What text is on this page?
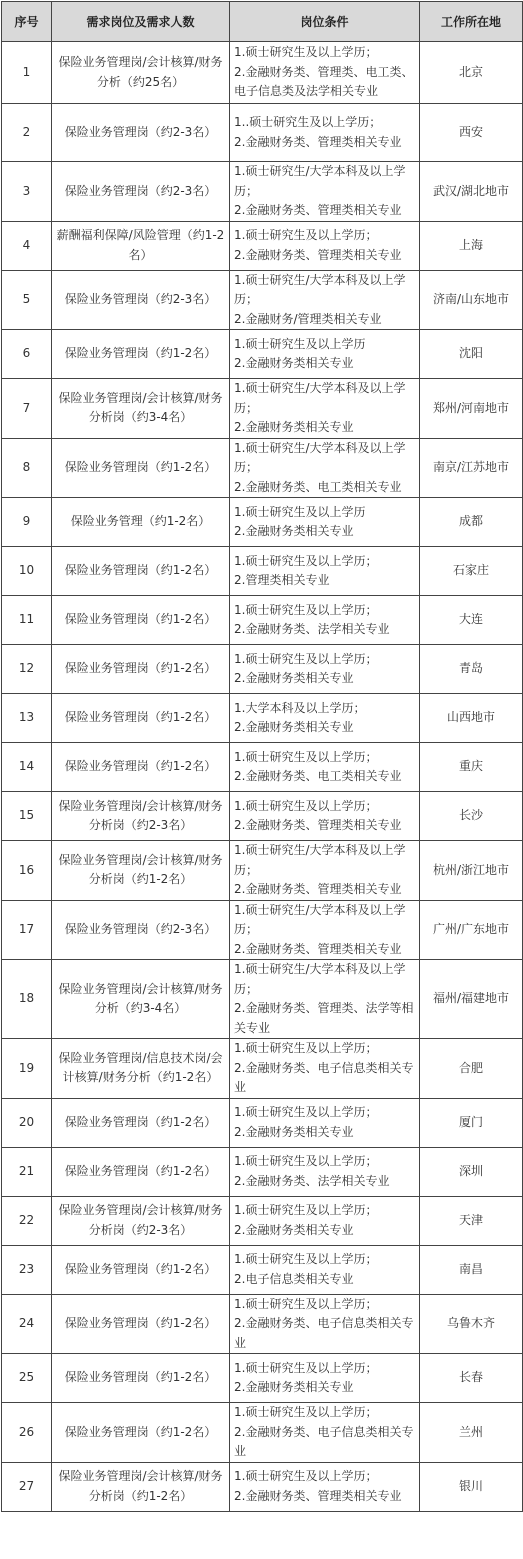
序号	需求岗位及需求人数	岗位条件	工作所在地
1	保险业务管理岗/会计核算/财务分析（约25名）	1.硕士研究生及以上学历；
2.金融财务类、管理类、电工类、电子信息类及法学相关专业	北京
2	保险业务管理岗（约2-3名）	1..硕士研究生及以上学历；
2.金融财务类、管理类相关专业	西安
3	保险业务管理岗（约2-3名）	1.硕士研究生/大学本科及以上学历；
2.金融财务类、管理类相关专业	武汉/湖北地市
4	薪酬福利保障/风险管理（约1-2名）	1.硕士研究生及以上学历；
2.金融财务类、管理类相关专业	上海
5	保险业务管理岗（约2-3名）	1.硕士研究生/大学本科及以上学历；
2.金融财务/管理类相关专业	济南/山东地市
6	保险业务管理岗（约1-2名）	1.硕士研究生及以上学历
2.金融财务类相关专业	沈阳
7	保险业务管理岗/会计核算/财务分析岗（约3-4名）	1.硕士研究生/大学本科及以上学历；
2.金融财务类相关专业	郑州/河南地市
8	保险业务管理岗（约1-2名）	1.硕士研究生/大学本科及以上学历；
2.金融财务类、电工类相关专业	南京/江苏地市
9	保险业务管理（约1-2名）	1.硕士研究生及以上学历
2.金融财务类相关专业	成都
10	保险业务管理岗（约1-2名）	1.硕士研究生及以上学历；
2.管理类相关专业	石家庄
11	保险业务管理岗（约1-2名）	1.硕士研究生及以上学历；
2.金融财务类、法学相关专业	大连
12	保险业务管理岗（约1-2名）	1.硕士研究生及以上学历；
2.金融财务类相关专业	青岛
13	保险业务管理岗（约1-2名）	1.大学本科及以上学历；
2.金融财务类相关专业	山西地市
14	保险业务管理岗（约1-2名）	1.硕士研究生及以上学历；
2.金融财务类、电工类相关专业	重庆
15	保险业务管理岗/会计核算/财务分析岗（约2-3名）	1.硕士研究生及以上学历；
2.金融财务类、管理类相关专业	长沙
16	保险业务管理岗/会计核算/财务分析岗（约1-2名）	1.硕士研究生/大学本科及以上学历；
2.金融财务类、管理类相关专业	杭州/浙江地市
17	保险业务管理岗（约2-3名）	1.硕士研究生/大学本科及以上学历；
2.金融财务类、管理类相关专业	广州/广东地市
18	保险业务管理岗/会计核算/财务分析（约3-4名）	1.硕士研究生/大学本科及以上学历；
2.金融财务类、管理类、法学等相关专业	福州/福建地市
19	保险业务管理岗/信息技术岗/会计核算/财务分析（约1-2名）	1.硕士研究生及以上学历；
2.金融财务类、电子信息类相关专业	合肥
20	保险业务管理岗（约1-2名）	1.硕士研究生及以上学历；
2.金融财务类相关专业	厦门
21	保险业务管理岗（约1-2名）	1.硕士研究生及以上学历；
2.金融财务类、法学相关专业	深圳
22	保险业务管理岗/会计核算/财务分析岗（约2-3名）	1.硕士研究生及以上学历；
2.金融财务类相关专业	天津
23	保险业务管理岗（约1-2名）	1.硕士研究生及以上学历；
2.电子信息类相关专业	南昌
24	保险业务管理岗（约1-2名）	1.硕士研究生及以上学历；
2.金融财务类、电子信息类相关专业	乌鲁木齐
25	保险业务管理岗（约1-2名）	1.硕士研究生及以上学历；
2.金融财务类相关专业	长春
26	保险业务管理岗（约1-2名）	1.硕士研究生及以上学历；
2.金融财务类、电子信息类相关专业	兰州
27	保险业务管理岗/会计核算/财务分析岗（约1-2名）	1.硕士研究生及以上学历；
2.金融财务类、管理类相关专业	银川
